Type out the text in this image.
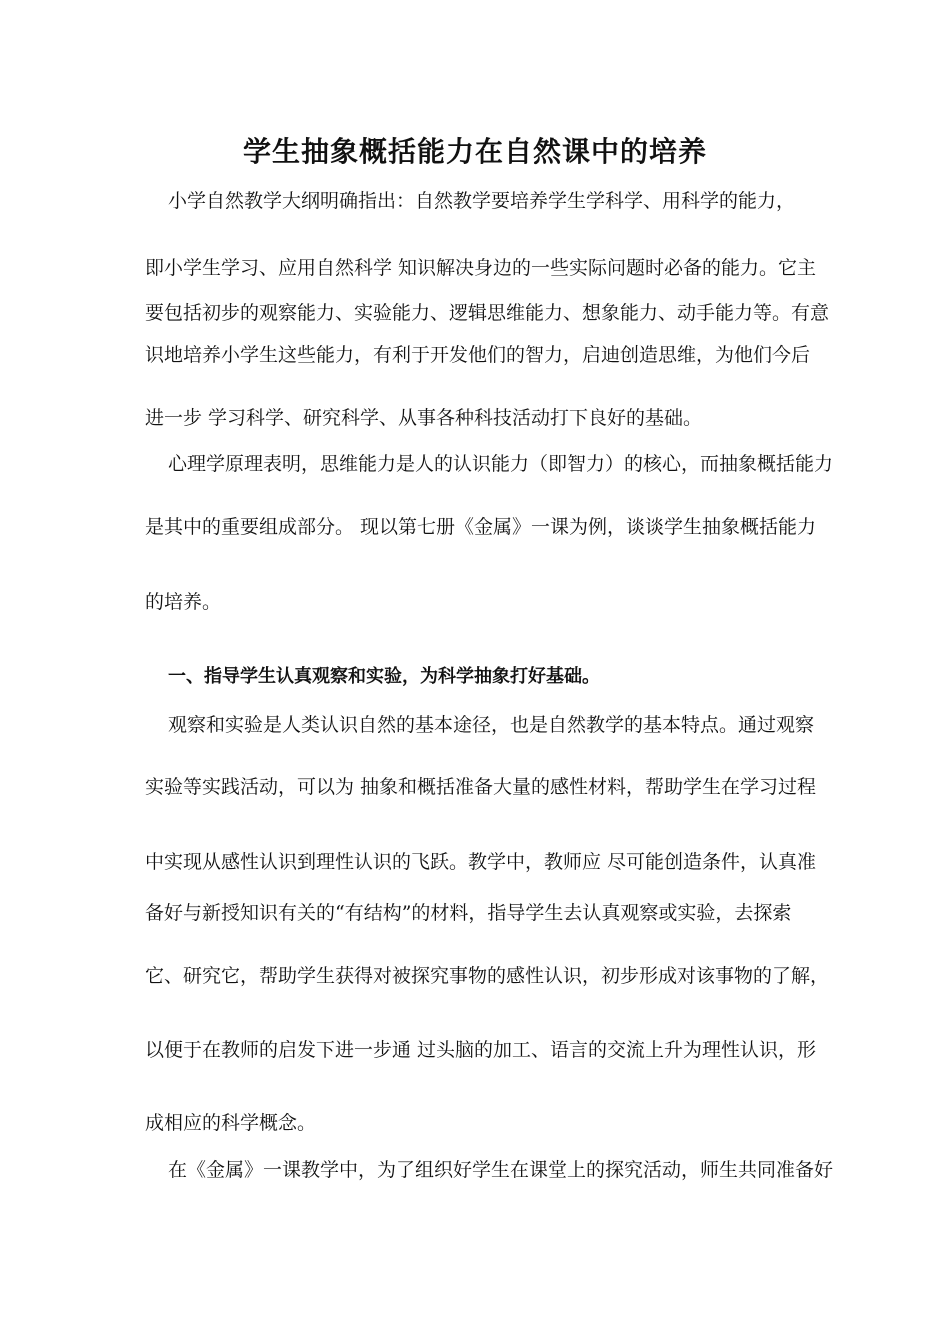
学生抽象概括能力在自然课中的培养
小学自然教学大纲明确指出：自然教学要培养学生学科学、用科学的能力，
即小学生学习、应用自然科学 知识解决身边的一些实际问题时必备的能力。它主
要包括初步的观察能力、实验能力、逻辑思维能力、想象能力、动手能力等。有意
识地培养小学生这些能力，有利于开发他们的智力，启迪创造思维，为他们今后
进一步 学习科学、研究科学、从事各种科技活动打下良好的基础。
心理学原理表明，思维能力是人的认识能力（即智力）的核心，而抽象概括能力
是其中的重要组成部分。 现以第七册《金属》一课为例，谈谈学生抽象概括能力
的培养。
一、指导学生认真观察和实验，为科学抽象打好基础。
观察和实验是人类认识自然的基本途径，也是自然教学的基本特点。通过观察
实验等实践活动，可以为 抽象和概括准备大量的感性材料，帮助学生在学习过程
中实现从感性认识到理性认识的飞跃。教学中，教师应 尽可能创造条件，认真准
备好与新授知识有关的“有结构”的材料，指导学生去认真观察或实验，去探索
它、研究它，帮助学生获得对被探究事物的感性认识，初步形成对该事物的了解，
以便于在教师的启发下进一步通 过头脑的加工、语言的交流上升为理性认识，形
成相应的科学概念。
在《金属》一课教学中，为了组织好学生在课堂上的探究活动，师生共同准备好
